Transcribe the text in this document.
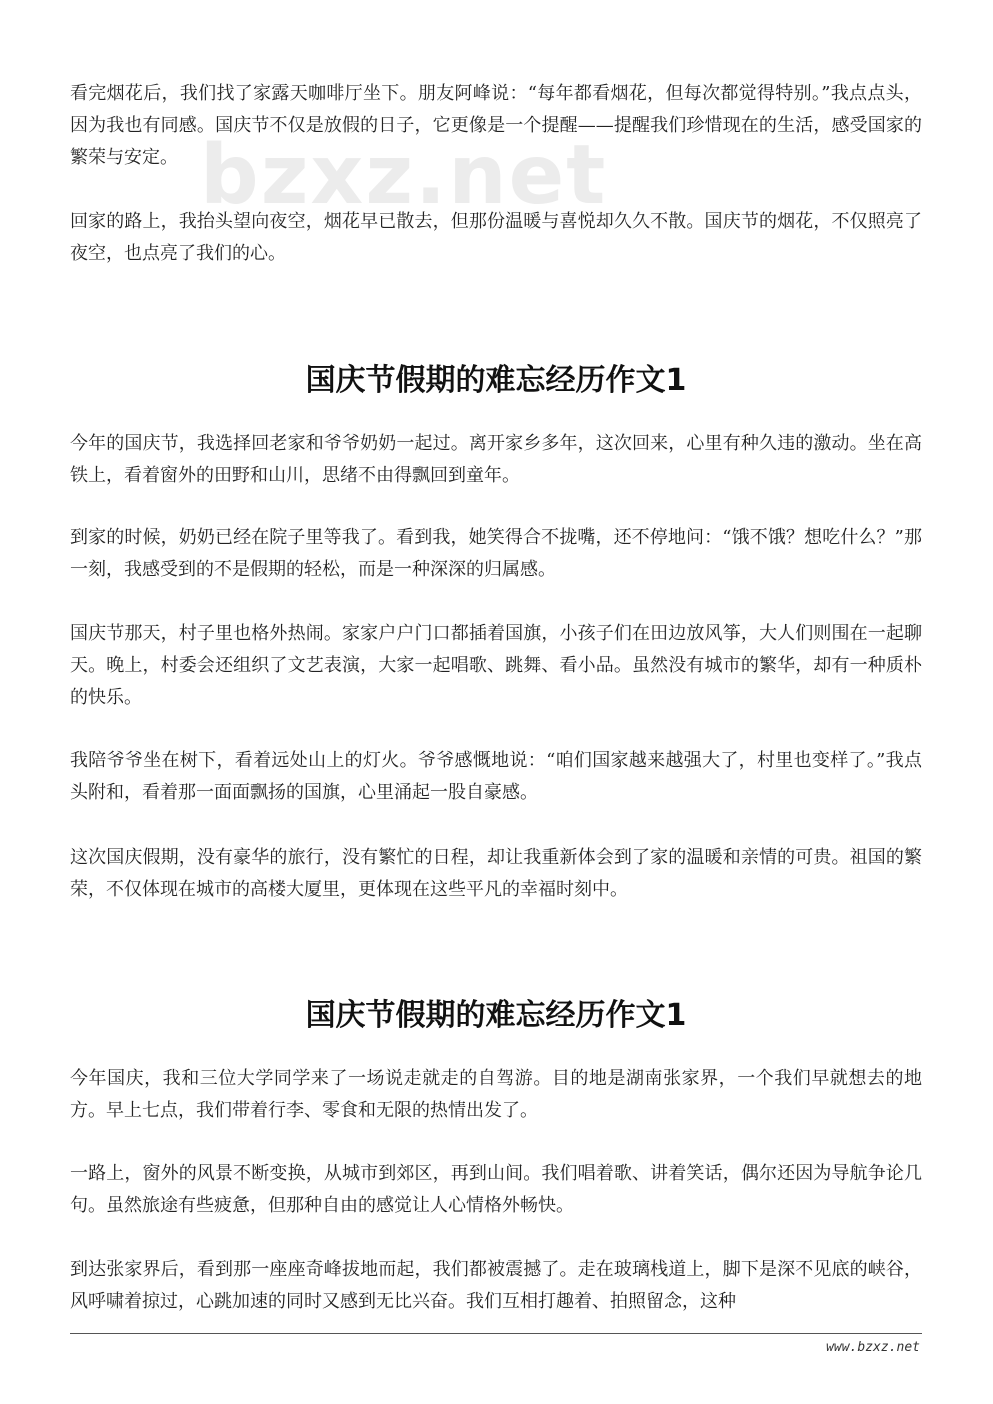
bzxz.net

看完烟花后，我们找了家露天咖啡厅坐下。朋友阿峰说：“每年都看烟花，但每次都觉得特别。”我点点头，因为我也有同感。国庆节不仅是放假的日子，它更像是一个提醒——提醒我们珍惜现在的生活，感受国家的繁荣与安定。

回家的路上，我抬头望向夜空，烟花早已散去，但那份温暖与喜悦却久久不散。国庆节的烟花，不仅照亮了夜空，也点亮了我们的心。

国庆节假期的难忘经历作文1

今年的国庆节，我选择回老家和爷爷奶奶一起过。离开家乡多年，这次回来，心里有种久违的激动。坐在高铁上，看着窗外的田野和山川，思绪不由得飘回到童年。

到家的时候，奶奶已经在院子里等我了。看到我，她笑得合不拢嘴，还不停地问：“饿不饿？想吃什么？”那一刻，我感受到的不是假期的轻松，而是一种深深的归属感。

国庆节那天，村子里也格外热闹。家家户户门口都插着国旗，小孩子们在田边放风筝，大人们则围在一起聊天。晚上，村委会还组织了文艺表演，大家一起唱歌、跳舞、看小品。虽然没有城市的繁华，却有一种质朴的快乐。

我陪爷爷坐在树下，看着远处山上的灯火。爷爷感慨地说：“咱们国家越来越强大了，村里也变样了。”我点头附和，看着那一面面飘扬的国旗，心里涌起一股自豪感。

这次国庆假期，没有豪华的旅行，没有繁忙的日程，却让我重新体会到了家的温暖和亲情的可贵。祖国的繁荣，不仅体现在城市的高楼大厦里，更体现在这些平凡的幸福时刻中。

国庆节假期的难忘经历作文1

今年国庆，我和三位大学同学来了一场说走就走的自驾游。目的地是湖南张家界，一个我们早就想去的地方。早上七点，我们带着行李、零食和无限的热情出发了。

一路上，窗外的风景不断变换，从城市到郊区，再到山间。我们唱着歌、讲着笑话，偶尔还因为导航争论几句。虽然旅途有些疲惫，但那种自由的感觉让人心情格外畅快。

到达张家界后，看到那一座座奇峰拔地而起，我们都被震撼了。走在玻璃栈道上，脚下是深不见底的峡谷，风呼啸着掠过，心跳加速的同时又感到无比兴奋。我们互相打趣着、拍照留念，这种

www.bzxz.net
